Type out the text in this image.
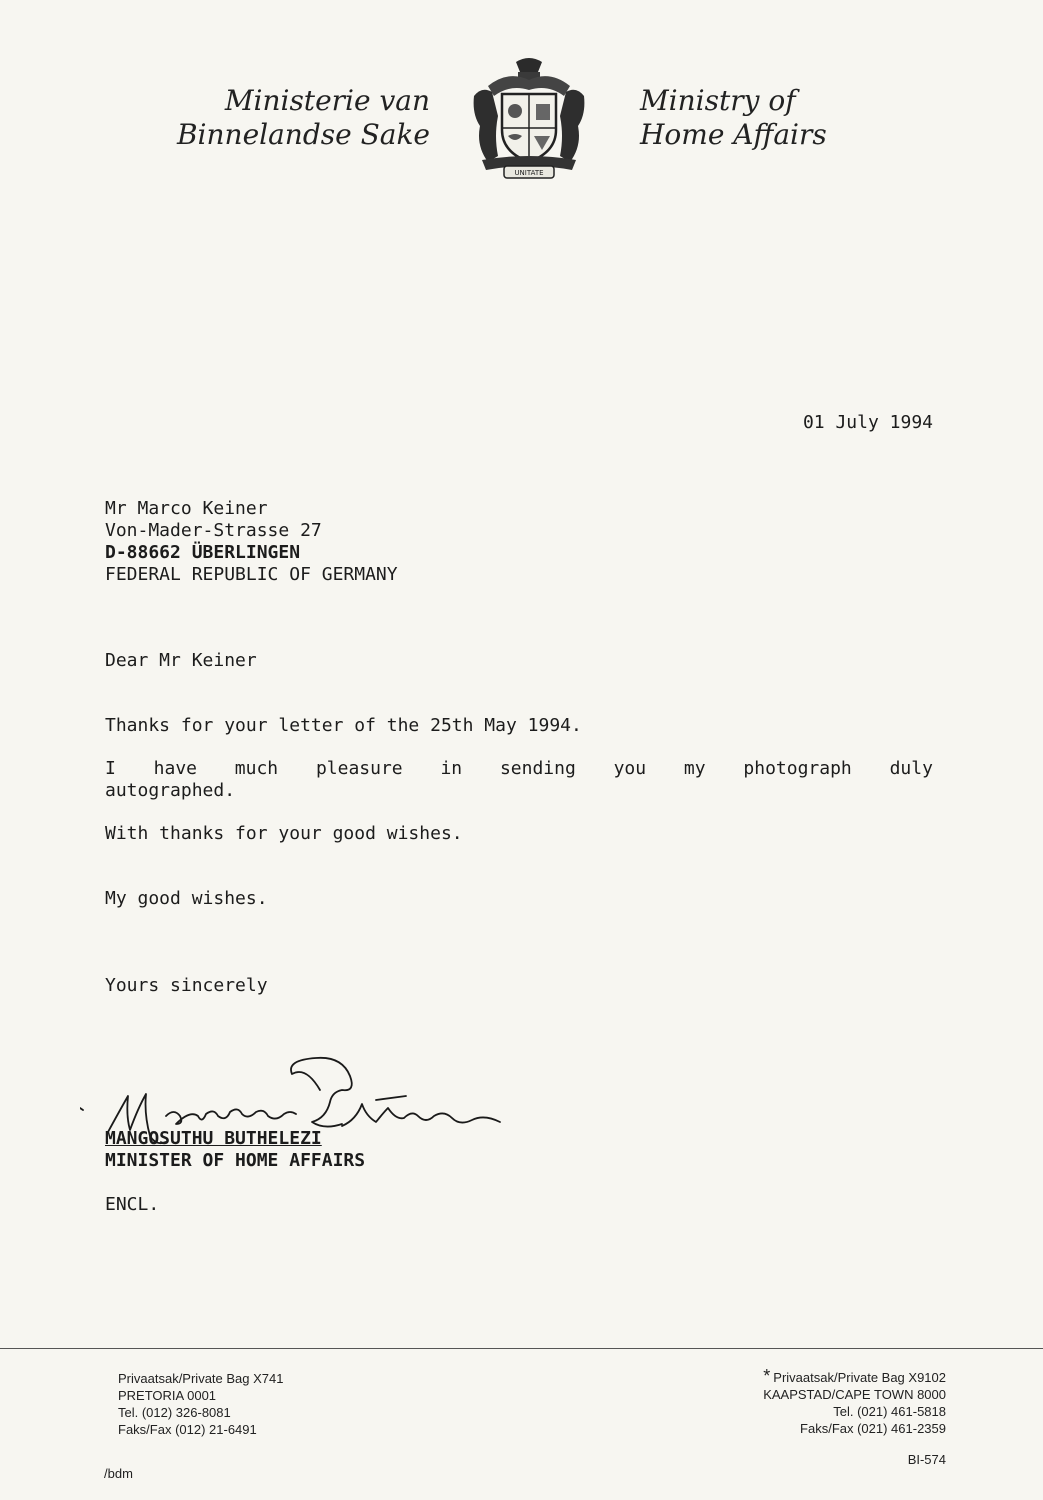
Ministerie van
Binnelandse Sake
UNITATE
Ministry of
Home Affairs
01 July 1994
Mr Marco Keiner
Von-Mader-Strasse 27
D-88662 ÜBERLINGEN
FEDERAL REPUBLIC OF GERMANY
Dear Mr Keiner
Thanks for your letter of the 25th May 1994.
I have much pleasure in sending you my photograph duly
autographed.
With thanks for your good wishes.
My good wishes.
Yours sincerely
MANGOSUTHU BUTHELEZI
MINISTER OF HOME AFFAIRS
ENCL.
Privaatsak/Private Bag X741
PRETORIA 0001
Tel. (012) 326-8081
Faks/Fax (012) 21-6491
* Privaatsak/Private Bag X9102
KAAPSTAD/CAPE TOWN 8000
Tel. (021) 461-5818
Faks/Fax (021) 461-2359
BI-574
/bdm
